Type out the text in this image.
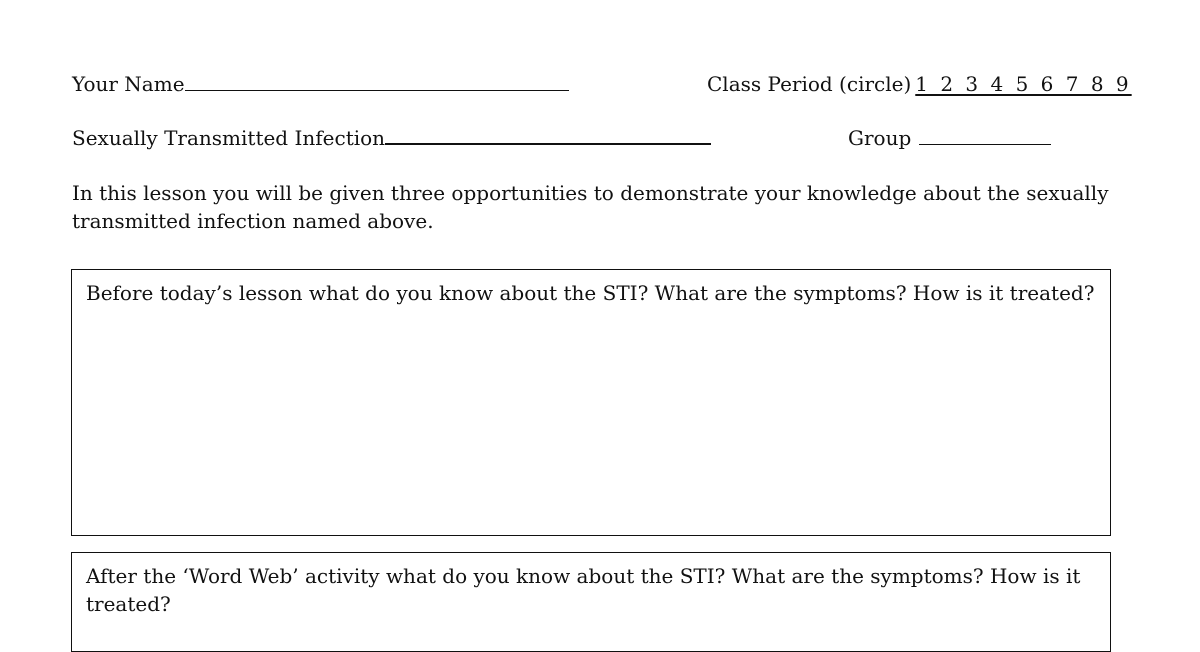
Your Name	Class Period (circle) 1 2 3 4 5 6 7 8 9
Sexually Transmitted Infection	Group
In this lesson you will be given three opportunities to demonstrate your knowledge about the sexually transmitted infection named above.
Before today’s lesson what do you know about the STI? What are the symptoms? How is it treated?
After the ‘Word Web’ activity what do you know about the STI? What are the symptoms? How is it treated?
